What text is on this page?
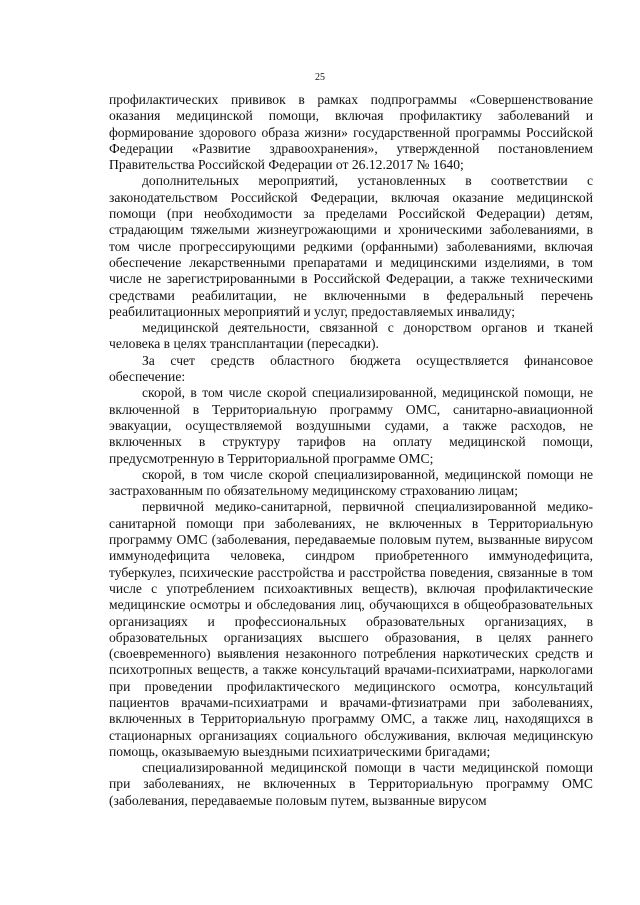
25

профилактических прививок в рамках подпрограммы «Совершенствование оказания медицинской помощи, включая профилактику заболеваний и формирование здорового образа жизни» государственной программы Российской Федерации «Развитие здравоохранения», утвержденной постановлением Правительства Российской Федерации от 26.12.2017 № 1640;

дополнительных мероприятий, установленных в соответствии с законодательством Российской Федерации, включая оказание медицинской помощи (при необходимости за пределами Российской Федерации) детям, страдающим тяжелыми жизнеугрожающими и хроническими заболеваниями, в том числе прогрессирующими редкими (орфанными) заболеваниями, включая обеспечение лекарственными препаратами и медицинскими изделиями, в том числе не зарегистрированными в Российской Федерации, а также техническими средствами реабилитации, не включенными в федеральный перечень реабилитационных мероприятий и услуг, предоставляемых инвалиду;

медицинской деятельности, связанной с донорством органов и тканей человека в целях трансплантации (пересадки).

За счет средств областного бюджета осуществляется финансовое обеспечение:

скорой, в том числе скорой специализированной, медицинской помощи, не включенной в Территориальную программу ОМС, санитарно-авиационной эвакуации, осуществляемой воздушными судами, а также расходов, не включенных в структуру тарифов на оплату медицинской помощи, предусмотренную в Территориальной программе ОМС;

скорой, в том числе скорой специализированной, медицинской помощи не застрахованным по обязательному медицинскому страхованию лицам;

первичной медико-санитарной, первичной специализированной медико-санитарной помощи при заболеваниях, не включенных в Территориальную программу ОМС (заболевания, передаваемые половым путем, вызванные вирусом иммунодефицита человека, синдром приобретенного иммунодефицита, туберкулез, психические расстройства и расстройства поведения, связанные в том числе с употреблением психоактивных веществ), включая профилактические медицинские осмотры и обследования лиц, обучающихся в общеобразовательных организациях и профессиональных образовательных организациях, в образовательных организациях высшего образования, в целях раннего (своевременного) выявления незаконного потребления наркотических средств и психотропных веществ, а также консультаций врачами-психиатрами, наркологами при проведении профилактического медицинского осмотра, консультаций пациентов врачами-психиатрами и врачами-фтизиатрами при заболеваниях, включенных в Территориальную программу ОМС, а также лиц, находящихся в стационарных организациях социального обслуживания, включая медицинскую помощь, оказываемую выездными психиатрическими бригадами;

специализированной медицинской помощи в части медицинской помощи при заболеваниях, не включенных в Территориальную программу ОМС (заболевания, передаваемые половым путем, вызванные вирусом
